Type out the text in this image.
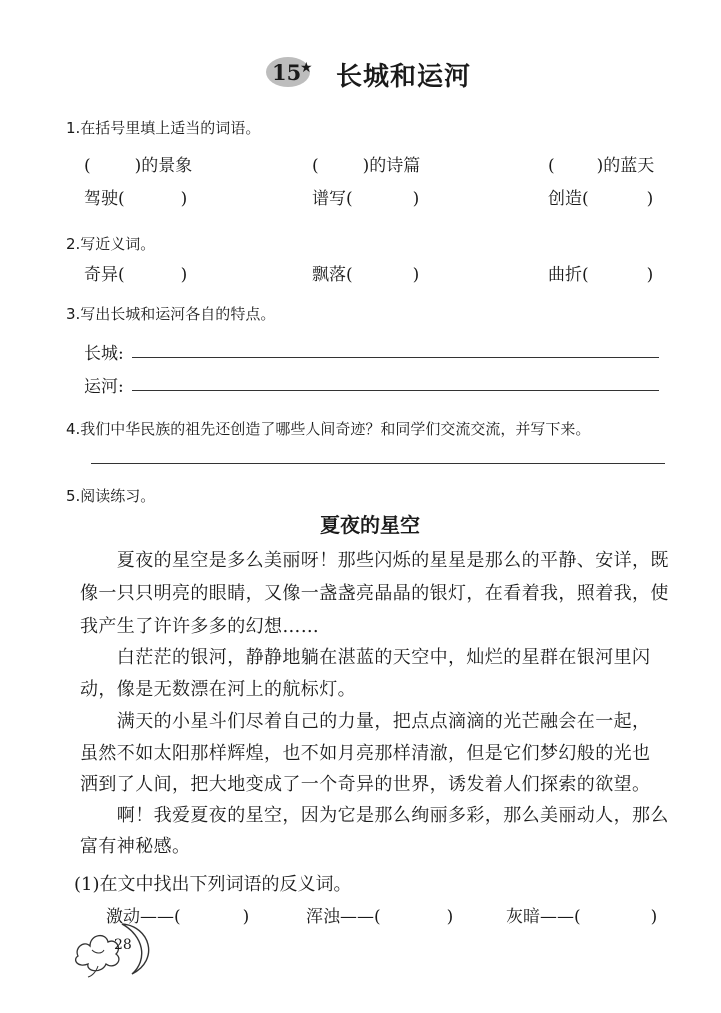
15
★ 长城和运河
1.在括号里填上适当的词语。
(	)的景象	(	)的诗篇	( )的蓝天
驾驶(	)	谱写(	)	创造(	)
2.写近义词。
奇异(	)	飘落(	)	曲折(	)
3.写出长城和运河各自的特点。
长城:
运河:
4.我们中华民族的祖先还创造了哪些人间奇迹？和同学们交流交流，并写下来。
5.阅读练习。
夏夜的星空
　　夏夜的星空是多么美丽呀！那些闪烁的星星是那么的平静、安详，既
像一只只明亮的眼睛，又像一盏盏亮晶晶的银灯，在看着我，照着我，使
我产生了许许多多的幻想……
　　白茫茫的银河，静静地躺在湛蓝的天空中，灿烂的星群在银河里闪
动，像是无数漂在河上的航标灯。
　　满天的小星斗们尽着自己的力量，把点点滴滴的光芒融会在一起，
虽然不如太阳那样辉煌，也不如月亮那样清澈，但是它们梦幻般的光也
洒到了人间，把大地变成了一个奇异的世界，诱发着人们探索的欲望。
　　啊！我爱夏夜的星空，因为它是那么绚丽多彩，那么美丽动人，那么
富有神秘感。
(1)在文中找出下列词语的反义词。
激动——(	)	浑浊——(	)	灰暗——(	)
28
